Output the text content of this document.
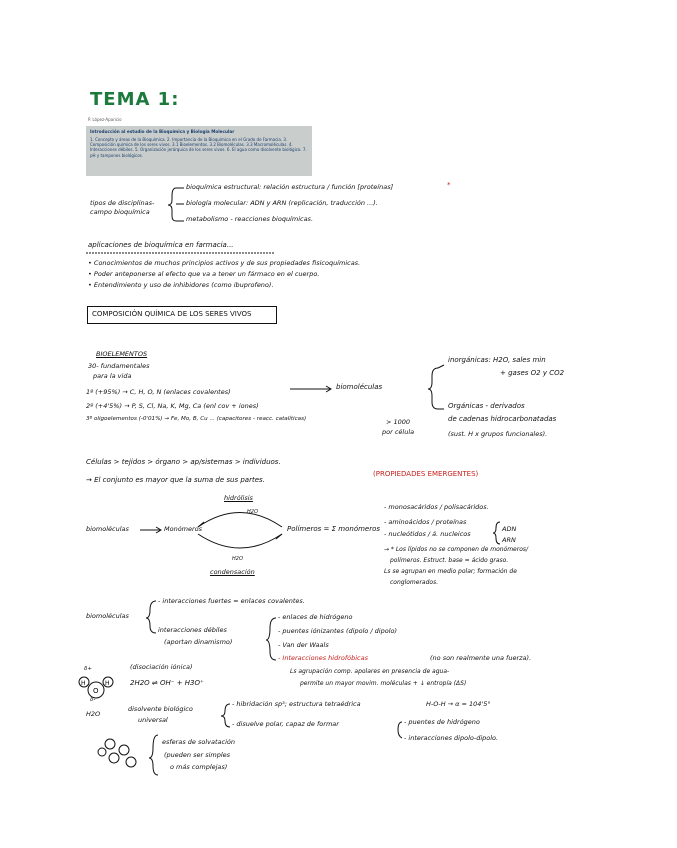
TEMA 1:
P. López-Aparicio
Introducción al estudio de la Bioquímica y Biología Molecular
1. Concepto y áreas de la Bioquímica. 2. Importancia de la Bioquímica en el Grado de Farmacia. 3. Composición química de los seres vivos. 3.1 Bioelementos. 3.2 Biomoléculas. 3.3 Macromoléculas. 4. Interacciones débiles. 5. Organización jerárquica de los seres vivos. 6. El agua como disolvente biológico. 7. pH y tampones biológicos.
O
H	H
tipos de disciplinas-
campo bioquímica
bioquímica estructural: relación estructura / función [proteínas]	*
biología molecular: ADN y ARN (replicación, traducción ...).
metabolismo - reacciones bioquímicas.
aplicaciones de bioquímica en farmacia...
• Conocimientos de muchos principios activos y de sus propiedades fisicoquímicas.
• Poder anteponerse al efecto que va a tener un fármaco en el cuerpo.
• Entendimiento y uso de inhibidores (como ibuprofeno).
COMPOSICIÓN QUÍMICA DE LOS SERES VIVOS
BIOELEMENTOS
30- fundamentales
para la vida
1º (+95%) → C, H, O, N (enlaces covalentes)
2º (+4'5%) → P, S, Cl, Na, K, Mg, Ca (enl cov + iones)
3º oligoelementos (-0'01%) → Fe, Mo, B, Cu ... (capacitores - reacc. catalíticas)
biomoléculas
inorgánicas: H2O, sales min
+ gases O2 y CO2
Orgánicas - derivados
de cadenas hidrocarbonatadas
(sust. H x grupos funcionales).
> 1000
por célula
Células > tejidos > órgano > ap/sistemas > individuos.
→ El conjunto es mayor que la suma de sus partes.
(PROPIEDADES EMERGENTES)
hidrólisis
H2O
biomoléculas	Monómeros	Polímeros = Σ monómeros
H2O
condensación
- monosacáridos / polisacáridos.
- aminoácidos / proteínas
- nucleótidos / á. nucleicos
ADN
ARN
→ * Los lípidos no se componen de monómeros/
polímeros. Estruct. base = ácido graso.
Ls se agrupan en medio polar; formación de
conglomerados.
biomoléculas
- interacciones fuertes = enlaces covalentes.
interacciones débiles
(aportan dinamismo)
- enlaces de hidrógeno
- puentes iónizantes (dipolo / dipolo)
- Van der Waals
- Interacciones hidrofóbicas	(no son realmente una fuerza).
Ls agrupación comp. apolares en presencia de agua-
permite un mayor movim. moléculas + ↓ entropía (ΔS)
δ+
δ-
(disociación iónica)
2H2O ⇌ OH⁻ + H3O⁺
H2O
disolvente biológico
universal
- hibridación sp³; estructura tetraédrica	H-O-H → α = 104'5°
- disuelve polar, capaz de formar	- puentes de hidrógeno
- interacciones dipolo-dipolo.
esferas de solvatación
(pueden ser simples
o más complejas)
